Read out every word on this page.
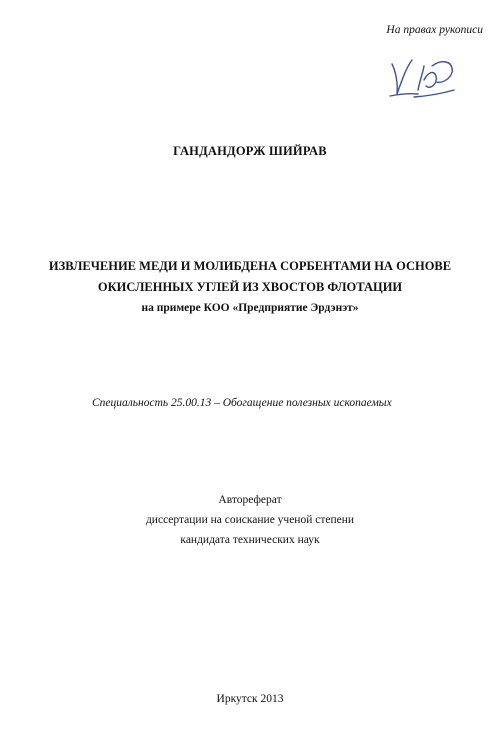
На правах рукописи
ГАНДАНДОРЖ ШИЙРАВ
ИЗВЛЕЧЕНИЕ МЕДИ И МОЛИБДЕНА СОРБЕНТАМИ НА ОСНОВЕ
ОКИСЛЕННЫХ УГЛЕЙ ИЗ ХВОСТОВ ФЛОТАЦИИ
на примере КОО «Предприятие Эрдэнэт»
Специальность 25.00.13 – Обогащение полезных ископаемых
Автореферат
диссертации на соискание ученой степени
кандидата технических наук
Иркутск 2013
